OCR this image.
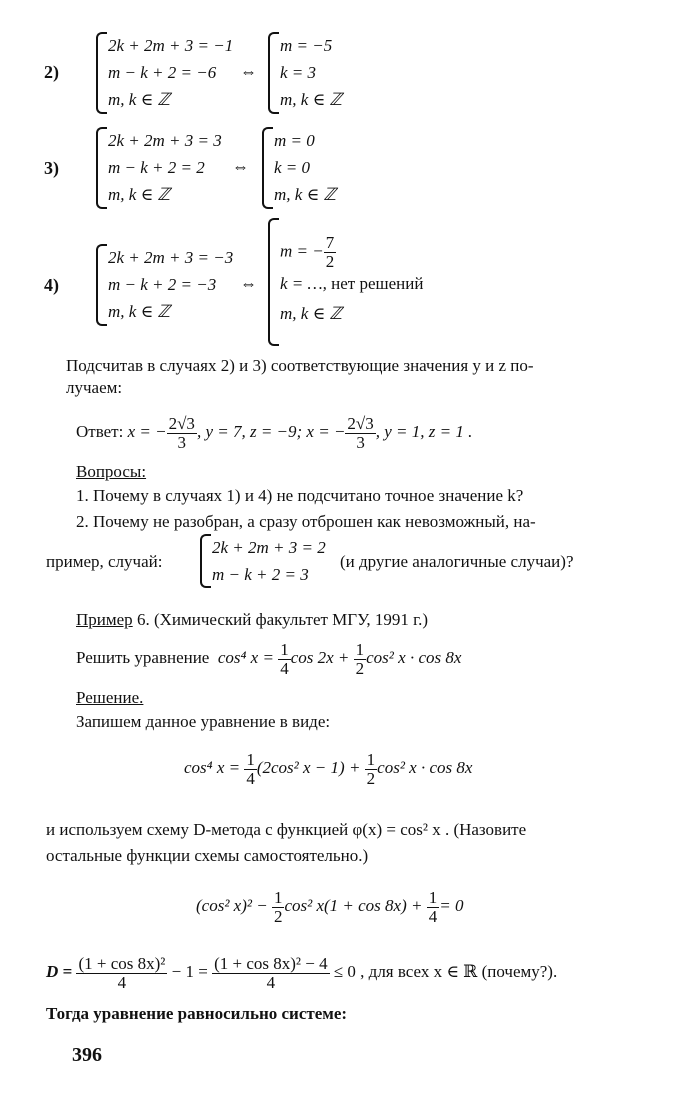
2)
2k + 2m + 3 = −1
m − k + 2 = −6
m, k ∈ ℤ
⇔
m = −5
k = 3
m, k ∈ ℤ
3)
2k + 2m + 3 = 3
m − k + 2 = 2
m, k ∈ ℤ
⇔
m = 0
k = 0
m, k ∈ ℤ
4)
2k + 2m + 3 = −3
m − k + 2 = −3
m, k ∈ ℤ
⇔
m = − $\frac{7}{2}$
k = …, нет решений
m, k ∈ ℤ
Подсчитав в случаях 2) и 3) соответствующие значения y и z по-
лучаем:
Ответ: x = − $\frac{2√3}{3}$ , y = 7, z = −9; x = − $\frac{2√3}{3}$ , y = 1, z = 1 .
Вопросы:
1. Почему в случаях 1) и 4) не подсчитано точное значение k?
2. Почему не разобран, а сразу отброшен как невозможный, на-
пример, случай:
2k + 2m + 3 = 2
m − k + 2 = 3
(и другие аналогичные случаи)?
Пример 6. (Химический факультет МГУ, 1991 г.)
Решить уравнение cos⁴ $x = \frac{1}{4}$ $\cos 2x + \frac{1}{2} \cos^2$ x · cos 8x
Решение.
Запишем данное уравнение в виде:
cos⁴ $x = \frac{1}{4} (2\cos^2$ $x - 1) + \frac{1}{2} \cos^2$ x · cos 8x
и используем схему D-метода с функцией φ(x) = cos² x . (Назовите
остальные функции схемы самостоятельно.)
(cos² $x)^2 - \frac{1}{2} \cos^2$ $x(1 + \cos 8x) + \frac{1}{4} = 0$
$D = \frac{\text{(1 + cos 8x)²}}{4} - 1 = \frac{\text{(1 + cos 8x)² − 4}}{4} \le 0$ , для всех x ∈ ℝ (почему?).
Тогда уравнение равносильно системе:
396
